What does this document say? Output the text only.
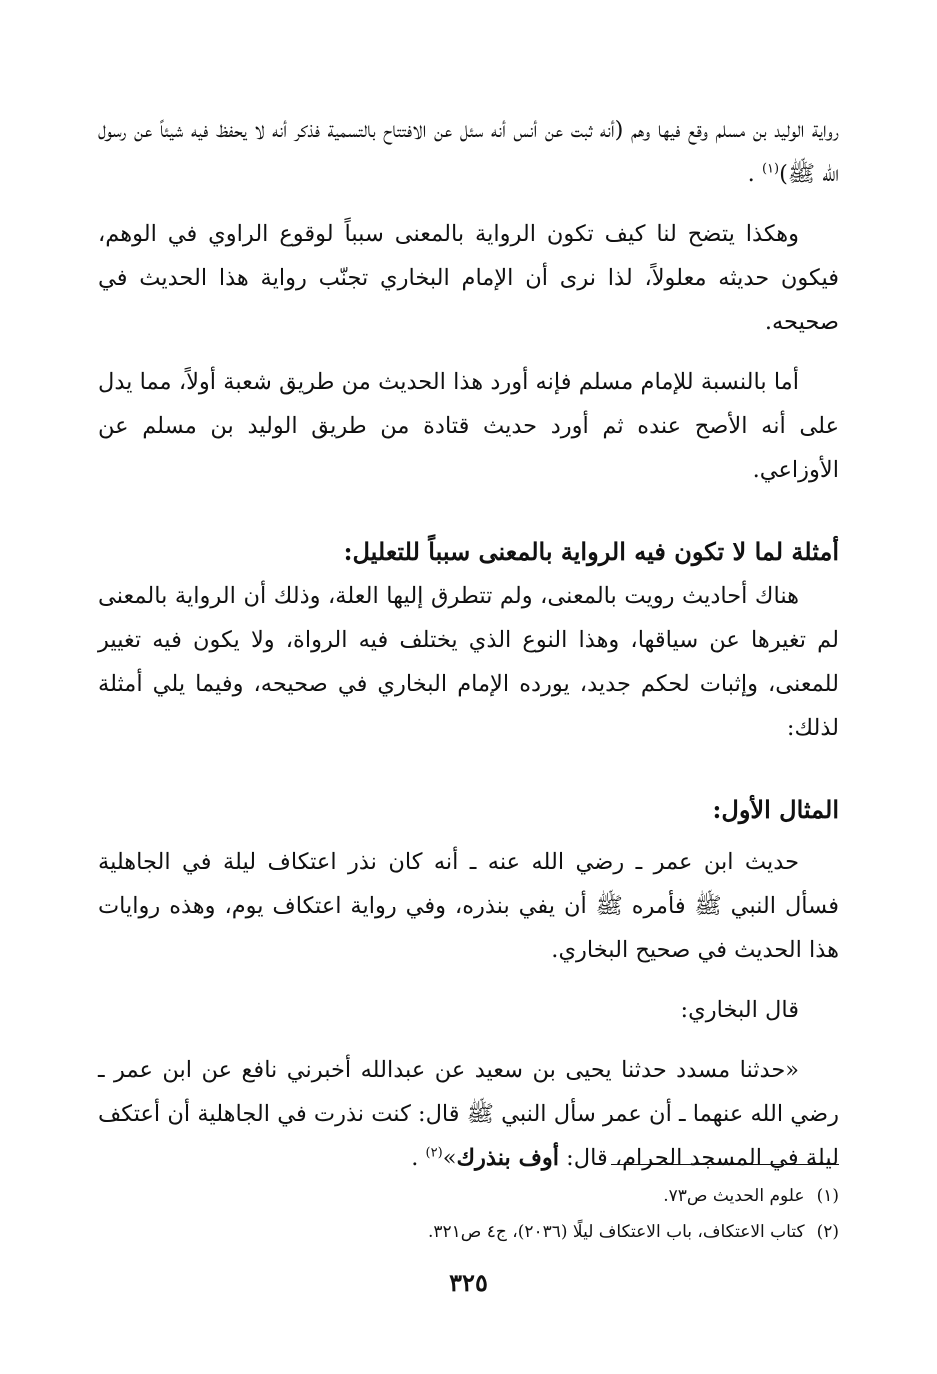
رواية الوليد بن مسلم وقع فيها وهم (أنه ثبت عن أنس أنه سئل عن الافتتاح بالتسمية فذكر أنه لا يحفظ فيه شيئاً عن رسول الله ﷺ)$^{(١)}$ .

وهكذا يتضح لنا كيف تكون الرواية بالمعنى سبباً لوقوع الراوي في الوهم، فيكون حديثه معلولاً، لذا نرى أن الإمام البخاري تجنّب رواية هذا الحديث في صحيحه.

أما بالنسبة للإمام مسلم فإنه أورد هذا الحديث من طريق شعبة أولاً، مما يدل على أنه الأصح عنده ثم أورد حديث قتادة من طريق الوليد بن مسلم عن الأوزاعي.

أمثلة لما لا تكون فيه الرواية بالمعنى سبباً للتعليل:

هناك أحاديث رويت بالمعنى، ولم تتطرق إليها العلة، وذلك أن الرواية بالمعنى لم تغيرها عن سياقها، وهذا النوع الذي يختلف فيه الرواة، ولا يكون فيه تغيير للمعنى، وإثبات لحكم جديد، يورده الإمام البخاري في صحيحه، وفيما يلي أمثلة لذلك:

المثال الأول:

حديث ابن عمر ـ رضي الله عنه ـ أنه كان نذر اعتكاف ليلة في الجاهلية فسأل النبي ﷺ فأمره ﷺ أن يفي بنذره، وفي رواية اعتكاف يوم، وهذه روايات هذا الحديث في صحيح البخاري.

قال البخاري:

«حدثنا مسدد حدثنا يحيى بن سعيد عن عبدالله أخبرني نافع عن ابن عمر ـ رضي الله عنهما ـ أن عمر سأل النبي ﷺ قال: كنت نذرت في الجاهلية أن أعتكف ليلة في المسجد الحرام، قال: أوف بنذرك»$^{(٢)}$ .

(١)علوم الحديث ص٧٣.

(٢)كتاب الاعتكاف، باب الاعتكاف ليلًا (٢٠٣٦)، ج٤ ص٣٢١.

٣٢٥
